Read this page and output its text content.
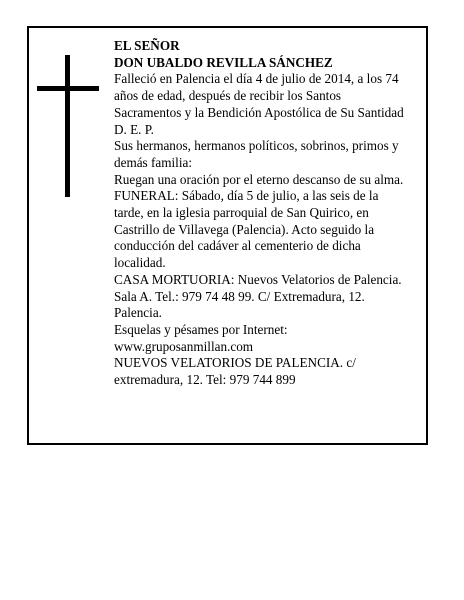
EL SEÑOR
DON UBALDO REVILLA SÁNCHEZ
Falleció en Palencia el día 4 de julio de 2014, a los 74
años de edad, después de recibir los Santos
Sacramentos y la Bendición Apostólica de Su Santidad
D. E. P.
Sus hermanos, hermanos políticos, sobrinos, primos y
demás familia:
Ruegan una oración por el eterno descanso de su alma.
FUNERAL: Sábado, día 5 de julio, a las seis de la
tarde, en la iglesia parroquial de San Quirico, en
Castrillo de Villavega (Palencia). Acto seguido la
conducción del cadáver al cementerio de dicha
localidad.
CASA MORTUORIA: Nuevos Velatorios de Palencia.
Sala A. Tel.: 979 74 48 99. C/ Extremadura, 12.
Palencia.
Esquelas y pésames por Internet:
www.gruposanmillan.com
NUEVOS VELATORIOS DE PALENCIA. c/
extremadura, 12. Tel: 979 744 899
